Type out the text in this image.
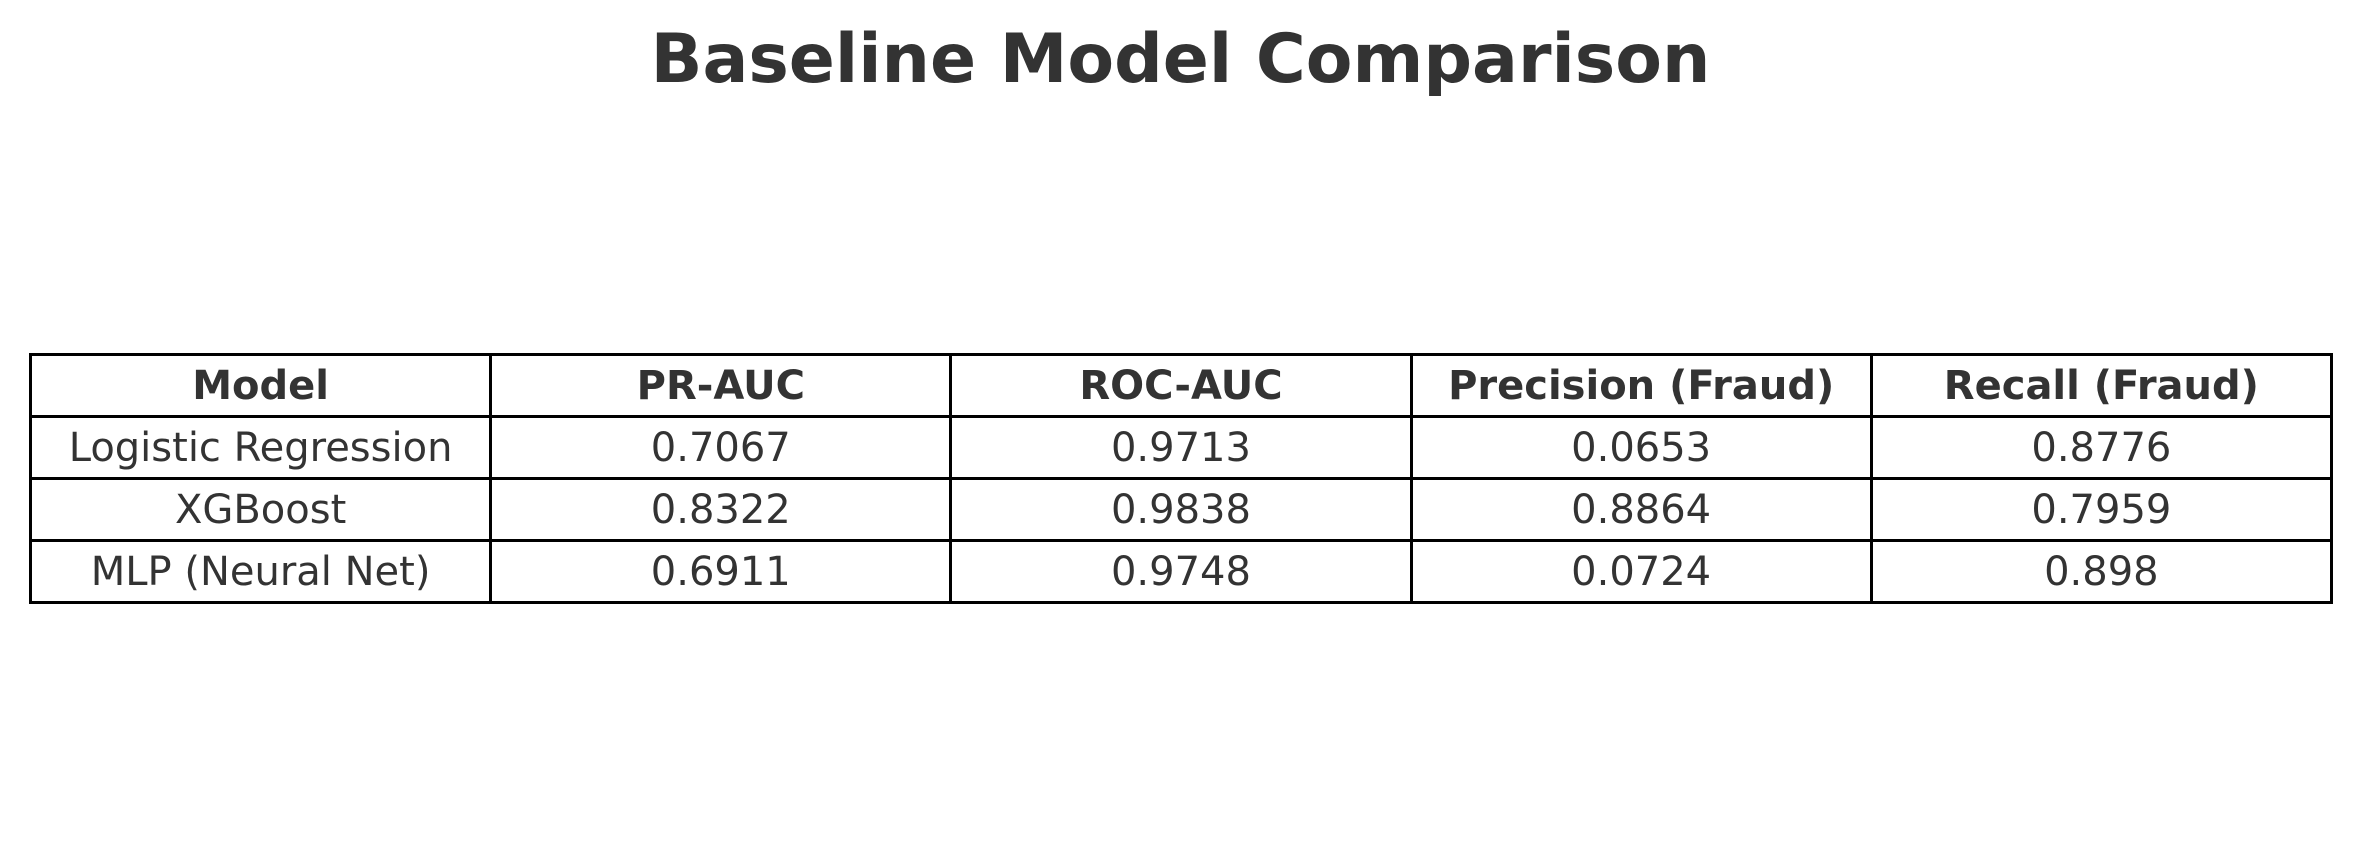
Baseline Model Comparison
Model	PR-AUC	ROC-AUC	Precision (Fraud)	Recall (Fraud)
Logistic Regression	0.7067	0.9713	0.0653	0.8776
XGBoost	0.8322	0.9838	0.8864	0.7959
MLP (Neural Net)	0.6911	0.9748	0.0724	0.898
